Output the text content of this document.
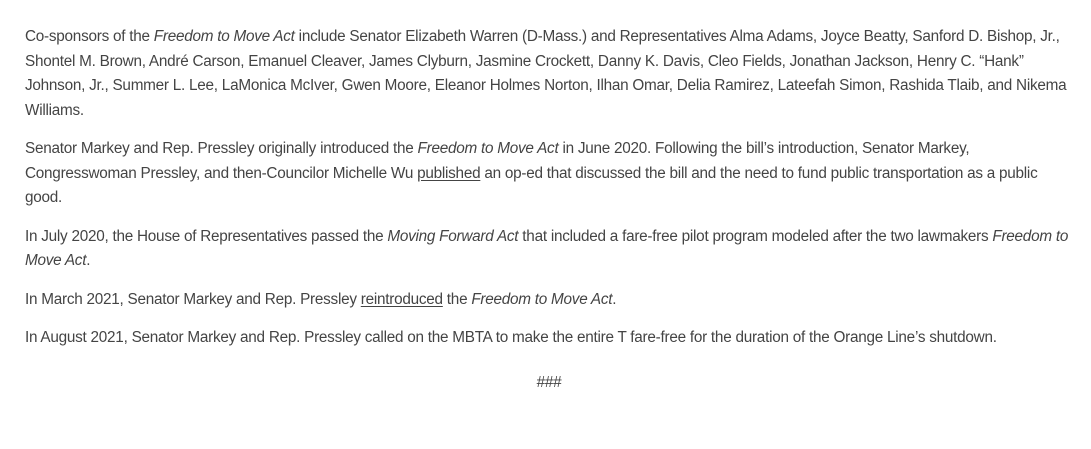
Co-sponsors of the Freedom to Move Act include Senator Elizabeth Warren (D-Mass.) and Representatives Alma Adams, Joyce Beatty, Sanford D. Bishop, Jr., Shontel M. Brown, André Carson, Emanuel Cleaver, James Clyburn, Jasmine Crockett, Danny K. Davis, Cleo Fields, Jonathan Jackson, Henry C. “Hank” Johnson, Jr., Summer L. Lee, LaMonica McIver, Gwen Moore, Eleanor Holmes Norton, Ilhan Omar, Delia Ramirez, Lateefah Simon, Rashida Tlaib, and Nikema Williams.

Senator Markey and Rep. Pressley originally introduced the Freedom to Move Act in June 2020. Following the bill’s introduction, Senator Markey, Congresswoman Pressley, and then-Councilor Michelle Wu published an op-ed that discussed the bill and the need to fund public transportation as a public good.

In July 2020, the House of Representatives passed the Moving Forward Act that included a fare-free pilot program modeled after the two lawmakers Freedom to Move Act.

In March 2021, Senator Markey and Rep. Pressley reintroduced the Freedom to Move Act.

In August 2021, Senator Markey and Rep. Pressley called on the MBTA to make the entire T fare-free for the duration of the Orange Line’s shutdown.

###
